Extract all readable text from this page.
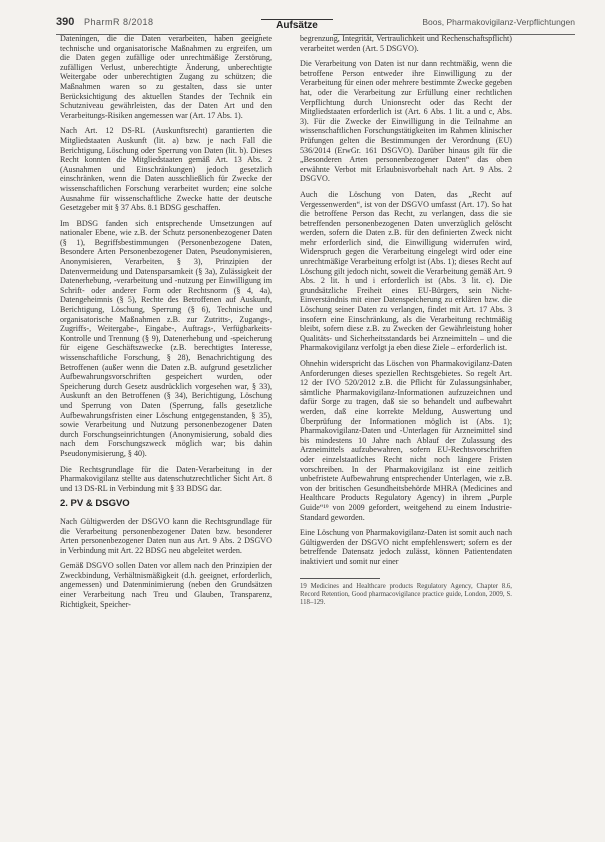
390 PharmR 8/2018	Aufsätze	Boos, Pharmakovigilanz-Verpflichtungen

Dateningen, die die Daten verarbeiten, haben geeignete technische und organisatorische Maßnahmen zu ergreifen, um die Daten gegen zufällige oder unrechtmäßige Zerstörung, zufälligen Verlust, unberechtigte Änderung, unberechtigte Weitergabe oder unberechtigten Zugang zu schützen; die Maßnahmen waren so zu gestalten, dass sie unter Berücksichtigung des aktuellen Standes der Technik ein Schutzniveau gewährleisten, das der Daten Art und den Verarbeitungs-Risiken angemessen war (Art. 17 Abs. 1).

Nach Art. 12 DS-RL (Auskunftsrecht) garantierten die Mitgliedstaaten Auskunft (lit. a) bzw. je nach Fall die Berichtigung, Löschung oder Sperrung von Daten (lit. b). Dieses Recht konnten die Mitgliedstaaten gemäß Art. 13 Abs. 2 (Ausnahmen und Einschränkungen) jedoch gesetzlich einschränken, wenn die Daten ausschließlich für Zwecke der wissenschaftlichen Forschung verarbeitet wurden; eine solche Ausnahme für wissenschaftliche Zwecke hatte der deutsche Gesetzgeber mit § 37 Abs. 8.1 BDSG geschaffen.

Im BDSG fanden sich entsprechende Umsetzungen auf nationaler Ebene, wie z.B. der Schutz personenbezogener Daten (§ 1), Begriffsbestimmungen (Personenbezogene Daten, Besondere Arten Personenbezogener Daten, Pseudonymisieren, Anonymisieren, Verarbeiten, § 3), Prinzipien der Datenvermeidung und Datensparsamkeit (§ 3a), Zulässigkeit der Datenerhebung, -verarbeitung und -nutzung per Einwilligung im Schrift- oder anderer Form oder Rechtsnorm (§ 4, 4a), Datengeheimnis (§ 5), Rechte des Betroffenen auf Auskunft, Berichtigung, Löschung, Sperrung (§ 6), Technische und organisatorische Maßnahmen z.B. zur Zutritts-, Zugangs-, Zugriffs-, Weitergabe-, Eingabe-, Auftrags-, Verfügbarkeits-Kontrolle und Trennung (§ 9), Datenerhebung und -speicherung für eigene Geschäftszwecke (z.B. berechtigtes Interesse, wissenschaftliche Forschung, § 28), Benachrichtigung des Betroffenen (außer wenn die Daten z.B. aufgrund gesetzlicher Aufbewahrungsvorschriften gespeichert wurden, oder Speicherung durch Gesetz ausdrücklich vorgesehen war, § 33), Auskunft an den Betroffenen (§ 34), Berichtigung, Löschung und Sperrung von Daten (Sperrung, falls gesetzliche Aufbewahrungsfristen einer Löschung entgegenstanden, § 35), sowie Verarbeitung und Nutzung personenbezogener Daten durch Forschungseinrichtungen (Anonymisierung, sobald dies nach dem Forschungszweck möglich war; bis dahin Pseudonymisierung, § 40).

Die Rechtsgrundlage für die Daten-Verarbeitung in der Pharmakovigilanz stellte aus datenschutzrechtlicher Sicht Art. 8 und 13 DS-RL in Verbindung mit § 33 BDSG dar.

2. PV & DSGVO

Nach Gültigwerden der DSGVO kann die Rechtsgrundlage für die Verarbeitung personenbezogener Daten bzw. besonderer Arten personenbezogener Daten nun aus Art. 9 Abs. 2 DSGVO in Verbindung mit Art. 22 BDSG neu abgeleitet werden.

Gemäß DSGVO sollen Daten vor allem nach den Prinzipien der Zweckbindung, Verhältnismäßigkeit (d.h. geeignet, erforderlich, angemessen) und Datenminimierung (neben den Grundsätzen einer Verarbeitung nach Treu und Glauben, Transparenz, Richtigkeit, Speicher-

begrenzung, Integrität, Vertraulichkeit und Rechenschaftspflicht) verarbeitet werden (Art. 5 DSGVO).

Die Verarbeitung von Daten ist nur dann rechtmäßig, wenn die betroffene Person entweder ihre Einwilligung zu der Verarbeitung für einen oder mehrere bestimmte Zwecke gegeben hat, oder die Verarbeitung zur Erfüllung einer rechtlichen Verpflichtung durch Unionsrecht oder das Recht der Mitgliedstaaten erforderlich ist (Art. 6 Abs. 1 lit. a und c, Abs. 3). Für die Zwecke der Einwilligung in die Teilnahme an wissenschaftlichen Forschungstätigkeiten im Rahmen klinischer Prüfungen gelten die Bestimmungen der Verordnung (EU) 536/2014 (ErwGr. 161 DSGVO). Darüber hinaus gilt für die „Besonderen Arten personenbezogener Daten“ das oben erwähnte Verbot mit Erlaubnisvorbehalt nach Art. 9 Abs. 2 DSGVO.

Auch die Löschung von Daten, das „Recht auf Vergessenwerden“, ist von der DSGVO umfasst (Art. 17). So hat die betroffene Person das Recht, zu verlangen, dass die sie betreffenden personenbezogenen Daten unverzüglich gelöscht werden, sofern die Daten z.B. für den definierten Zweck nicht mehr erforderlich sind, die Einwilligung widerrufen wird, Widerspruch gegen die Verarbeitung eingelegt wird oder eine unrechtmäßige Verarbeitung erfolgt ist (Abs. 1); dieses Recht auf Löschung gilt jedoch nicht, soweit die Verarbeitung gemäß Art. 9 Abs. 2 lit. h und i erforderlich ist (Abs. 3 lit. c). Die grundsätzliche Freiheit eines EU-Bürgers, sein Nicht-Einverständnis mit einer Datenspeicherung zu erklären bzw. die Löschung seiner Daten zu verlangen, findet mit Art. 17 Abs. 3 insofern eine Einschränkung, als die Verarbeitung rechtmäßig bleibt, sofern diese z.B. zu Zwecken der Gewährleistung hoher Qualitäts- und Sicherheitsstandards bei Arzneimitteln – und die Pharmakovigilanz verfolgt ja eben diese Ziele – erforderlich ist.

Ohnehin widerspricht das Löschen von Pharmakovigilanz-Daten Anforderungen dieses speziellen Rechtsgebietes. So regelt Art. 12 der IVO 520/2012 z.B. die Pflicht für Zulassungsinhaber, sämtliche Pharmakovigilanz-Informationen aufzuzeichnen und dafür Sorge zu tragen, daß sie so behandelt und aufbewahrt werden, daß eine korrekte Meldung, Auswertung und Überprüfung der Informationen möglich ist (Abs. 1); Pharmakovigilanz-Daten und -Unterlagen für Arzneimittel sind bis mindestens 10 Jahre nach Ablauf der Zulassung des Arzneimittels aufzubewahren, sofern EU-Rechtsvorschriften oder einzelstaatliches Recht nicht noch längere Fristen vorschreiben. In der Pharmakovigilanz ist eine zeitlich unbefristete Aufbewahrung entsprechender Unterlagen, wie z.B. von der britischen Gesundheitsbehörde MHRA (Medicines and Healthcare Products Regulatory Agency) in ihrem „Purple Guide“¹⁹ von 2009 gefordert, weitgehend zu einem Industrie-Standard geworden.

Eine Löschung von Pharmakovigilanz-Daten ist somit auch nach Gültigwerden der DSGVO nicht empfehlenswert; sofern es der betreffende Datensatz jedoch zulässt, können Patientendaten inaktiviert und somit nur einer

19 Medicines and Healthcare products Regulatory Agency, Chapter 8.6, Record Retention, Good pharmacovigilance practice guide, London, 2009, S. 118–129.
